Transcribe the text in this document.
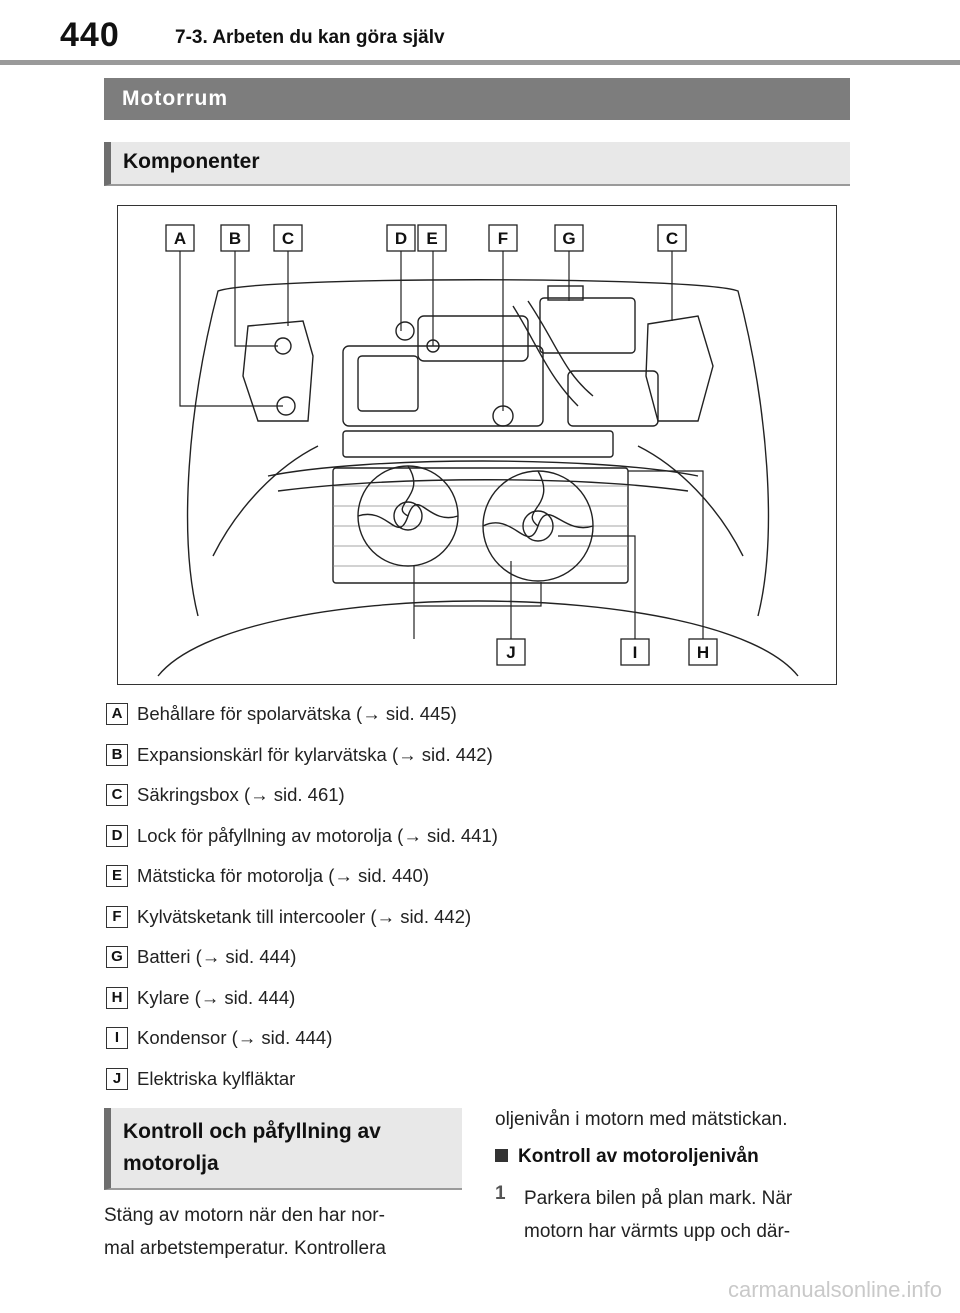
440	7-3. Arbeten du kan göra själv
Motorrum
Komponenter
A	B C	D E	F	G	C
J	I	H
A Behållare för spolarvätska (→ sid. 445)
B Expansionskärl för kylarvätska (→ sid. 442)
C Säkringsbox (→ sid. 461)
D Lock för påfyllning av motorolja (→ sid. 441)
E Mätsticka för motorolja (→ sid. 440)
F Kylvätsketank till intercooler (→ sid. 442)
G Batteri (→ sid. 444)
H Kylare (→ sid. 444)
I Kondensor (→ sid. 444)
J Elektriska kylfläktar
Kontroll och påfyllning av
motorolja
Stäng av motorn när den har nor-
mal arbetstemperatur. Kontrollera
oljenivån i motorn med mätstickan.
Kontroll av motoroljenivån
1 Parkera bilen på plan mark. När
motorn har värmts upp och där-
carmanualsonline.info
